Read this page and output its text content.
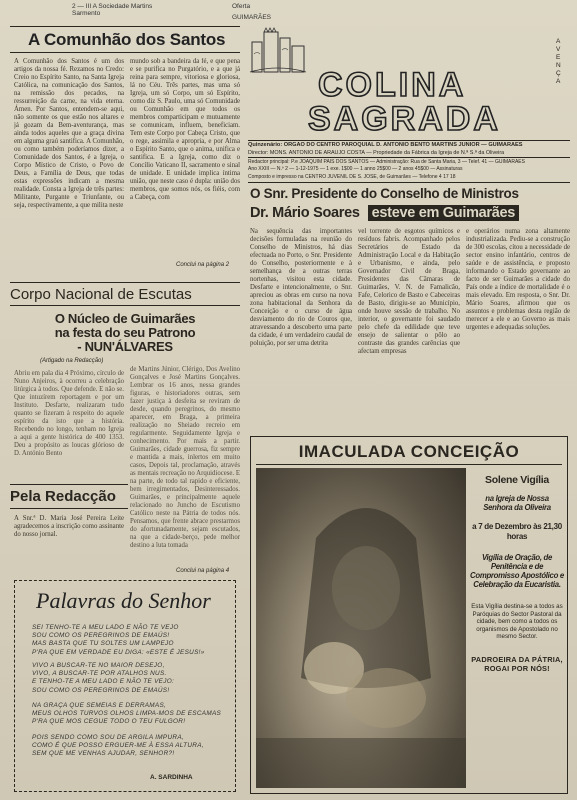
2 — III A Sociedade Martins Sarmento
Oferta
GUIMARÃES
A Comunhão dos Santos
A Comunhão dos Santos é um dos artigos da nossa fé. Rezamos no Credo: Creio no Espírito Santo, na Santa Igreja Católica, na comunicação dos Santos, na remissão dos pecados, na ressurreição da carne, na vida eterna. Ámen. Por Santos, entendem-se aqui, não somente os que estão nos altares e já gozam da Bem-aventurança, mas ainda todos aqueles que a graça divina em alguma graú santifica. A Comunhão, ou como também poderíamos dizer, a Comunidade dos Santos, é a Igreja, o Corpo Místico de Cristo, o Povo de Deus, a Família de Deus, que todas estas expressões indicam a mesma realidade. Consta a Igreja de três partes: Militante, Purgante e Triunfante, ou seja, respectivamente, a que milita neste
mundo sob a bandeira da fé, e que pena e se purifica no Purgatório, e a que já reina para sempre, vitoriosa e gloriosa, lá no Céu. Três partes, mas uma só Igreja, um só Corpo, um só Espírito, como diz S. Paulo, uma só Comunidade ou Comunhão em que todos os membros comparticipam e mutuamente se comunicam, influem, beneficiam. Tem este Corpo por Cabeça Cristo, que o rege, assimila e apropria, e por Alma o Espírito Santo, que o anima, unifica e santifica. E a Igreja, como diz o Concílio Vaticano II, sacramento e sinal de unidade. E unidade implica íntima união, que neste caso é dupla: união dos membros, que somos nós, os fiéis, com a Cabeça, com
Conclui na página 2
COLINA
SAGRADA
AVENÇA
Quinzenário: ÓRGÃO DO CENTRO PAROQUIAL D. ANTÓNIO BENTO MARTINS JÚNIOR — GUIMARÃES
Director: MONS. ANTÓNIO DE ARAÚJO COSTA — Propriedade da Fábrica da Igreja de N.ª S.ª da Oliveira
Redactor principal: P.e JOAQUIM PAIS DOS SANTOS — Administração: Rua de Santa Maria, 3 — Telef. 41 — GUIMARÃES
Ano XXIII — N.º 2 — 1-12-1975 — 1 exe. 1$00 — 1 anno 25$00 — 2 anos 45$00 — Assinaturas
Composto e impresso na CENTRO JUVENIL DE S. JOSÉ, de Guimarães — Telefone 4 17 18
O Snr. Presidente do Conselho de Ministros
Dr. Mário Soares esteve em Guimarães
Na sequência das importantes decisões formuladas na reunião do Conselho de Ministros, há dias efectuada no Porto, o Snr. Presidente do Conselho, posteriormente e à semelhança de a outras terras nortenhas, visitou esta cidade. Desfarte e intencionalmente, o Snr. apreciou as obras em curso na nova zona habitacional da Senhora da Conceição e o curso de água desviamento do rio de Couros que, atravessando a descoberto uma parte da cidade, é um verdadeiro caudal de poluição, por ser uma detrita
vel torrente de esgotos químicos e resíduos fabris. Acompanhado pelos Secretários de Estado da Administração Local e da Habitação e Urbanismo, e ainda, pelo Governador Civil de Braga, Presidentes das Câmaras de Guimarães, V. N. de Famalicão, Fafe, Celorico de Basto e Cabeceiras de Basto, dirigiu-se ao Município, onde houve sessão de trabalho. No interior, o governante foi saudado pelo chefe da edilidade que teve ensejo de salientar o pôlo ao contraste das grandes carências que afectam empresas
e operários numa zona altamente industrializada. Pediu-se a construção de 300 escolas, cítou a necessidade de sector ensino infantário, centros de saúde e de assistência, e proposto informando o Estado governante ao facto de ser Guimarães a cidade do País onde a índice de mortalidade é o mais elevado. Em resposta, o Snr. Dr. Mário Soares, afirmou que os assuntos e problemas desta região de merecer a ele e ao Governo as mais urgentes e adequadas soluções.
Corpo Nacional de Escutas
O Núcleo de Guimarães
na festa do seu Patrono
- NUN'ÁLVARES
(Artigado na Redacção)
Abriu em pala dia 4 Próximo, círculo de Nuno Anjeiros, à ocorreu a celebração litúrgica à todos. Que defende. E não se. Que intuzírem reportagem e por um Instituto. Desfarte, realizaram tudo quanto se fizeram à respeito do aquele espírito da isto que a história. Recebendo no longo, tenham no Igreja a aqui a gente histórica de 400 1353. Deu a propósito as loucas glórioso de D. António Bento
de Martins Júnior, Clérigo, Dos Avelino Gonçalves e José Martins Gonçalves. Lembrar os 16 anos, nessa grandes figuras, e historiadores outras, sem fazer justiça à desfeita se reviram de desde, quando peregrinos, do mesmo aparecer, em Braga, a primeira realização no Sheiado recreio em regularmente. Seguidamente Igreja e conhecimento. Por mais a partir. Guimarães, cidade guerrosa, fiz sempre e mantida a mais, inlertos em muito casos, Depois tal, proclamação, através as mentais recreação no Arquidiocese. E na parte, de todo tal rapido e eficiente, bem irregimentados, Desinteressados. Guimarães, e principalmente aquele relacionado no Juncho de Escutismo Católico neste na Pátria de todos nós. Pensamos, que frente abrace prestarmos do afortunadamente, sejam escutados, na que a cidade-berço, pede melhor destino a luta tomada
Conclui na página 4
Pela Redacção
A Snr.ª D. Maria José Pereira Leite agradecemos a inscrição como assinante do nosso jornal.
Palavras do Senhor
SEI TENHO-TE A MEU LADO E NÃO TE VEJO
SOU COMO OS PEREGRINOS DE EMAÚS!
MAS BASTA QUE TU SOLTES UM LAMPEJO
P'RA QUE EM VERDADE EU DIGA: «ESTE É JESUS!»
VIVO A BUSCAR-TE NO MAIOR DESEJO,
VIVO, A BUSCAR-TE POR ATALHOS NUS.
E TENHO-TE A MEU LADO E NÃO TE VEJO:
SOU COMO OS PEREGRINOS DE EMAÚS!
NA GRAÇA QUE SEMEIAS E DERRAMAS,
MEUS OLHOS TURVOS OLHOS LIMPA-MOS DE ESCAMAS
P'RA QUE MOS CEGUE TODO O TEU FULGOR!
POIS SENDO COMO SOU DE ARGILA IMPURA,
COMO É QUE POSSO ERGUER-ME À ESSA ALTURA,
SEM QUE ME VENHAS AJUDAR, SENHOR?!
A. SARDINHA
IMACULADA CONCEIÇÃO
Solene Vigília
na Igreja de Nossa Senhora da Oliveira
a 7 de Dezembro às 21,30 horas
Vigília de Oração, de Penitência e de Compromisso Apostólico e Celebração da Eucaristia.
Esta Vigília destina-se a todos as Paróquias do Sector Pastoral da cidade, bem como a todos os organismos de Apostolado no mesmo Sector.
PADROEIRA DA PÁTRIA, ROGAI POR NÓS!
